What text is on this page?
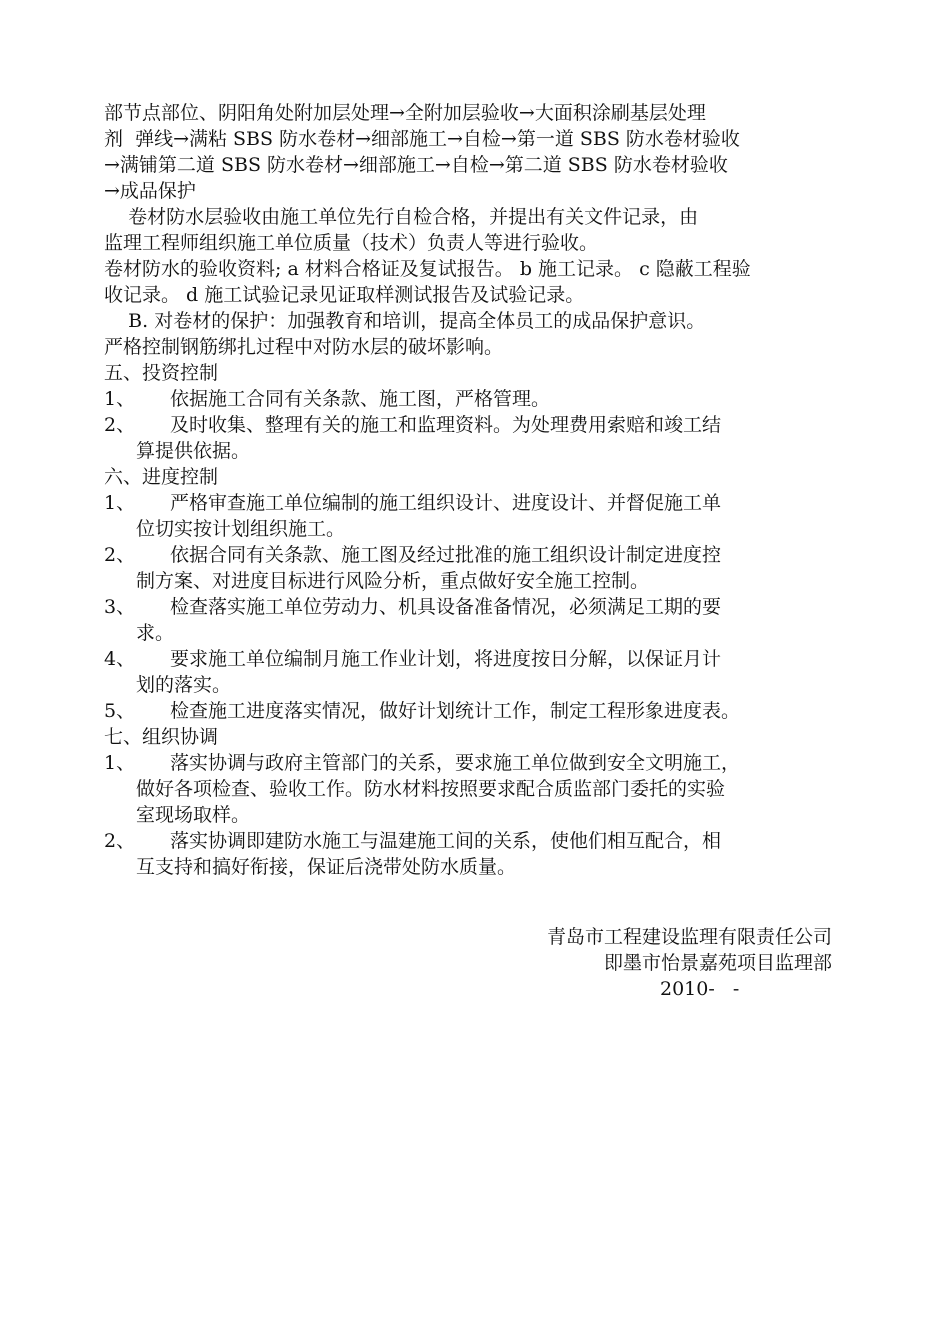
部节点部位、阴阳角处附加层处理→全附加层验收→大面积涂刷基层处理
剂  弹线→满粘 SBS 防水卷材→细部施工→自检→第一道 SBS 防水卷材验收
→满铺第二道 SBS 防水卷材→细部施工→自检→第二道 SBS 防水卷材验收
→成品保护
卷材防水层验收由施工单位先行自检合格，并提出有关文件记录，由
监理工程师组织施工单位质量（技术）负责人等进行验收。
卷材防水的验收资料; a 材料合格证及复试报告。 b 施工记录。 c 隐蔽工程验
收记录。 d 施工试验记录见证取样测试报告及试验记录。
B. 对卷材的保护：加强教育和培训，提高全体员工的成品保护意识。
严格控制钢筋绑扎过程中对防水层的破坏影响。
五、投资控制
1、 依据施工合同有关条款、施工图，严格管理。
2、 及时收集、整理有关的施工和监理资料。为处理费用索赔和竣工结
算提供依据。
六、进度控制
1、 严格审查施工单位编制的施工组织设计、进度设计、并督促施工单
位切实按计划组织施工。
2、 依据合同有关条款、施工图及经过批准的施工组织设计制定进度控
制方案、对进度目标进行风险分析，重点做好安全施工控制。
3、 检查落实施工单位劳动力、机具设备准备情况，必须满足工期的要
求。
4、 要求施工单位编制月施工作业计划，将进度按日分解，以保证月计
划的落实。
5、 检查施工进度落实情况，做好计划统计工作，制定工程形象进度表。
七、组织协调
1、 落实协调与政府主管部门的关系，要求施工单位做到安全文明施工，
做好各项检查、验收工作。防水材料按照要求配合质监部门委托的实验
室现场取样。
2、 落实协调即建防水施工与温建施工间的关系，使他们相互配合，相
互支持和搞好衔接，保证后浇带处防水质量。
青岛市工程建设监理有限责任公司
即墨市怡景嘉苑项目监理部
2010-   -
